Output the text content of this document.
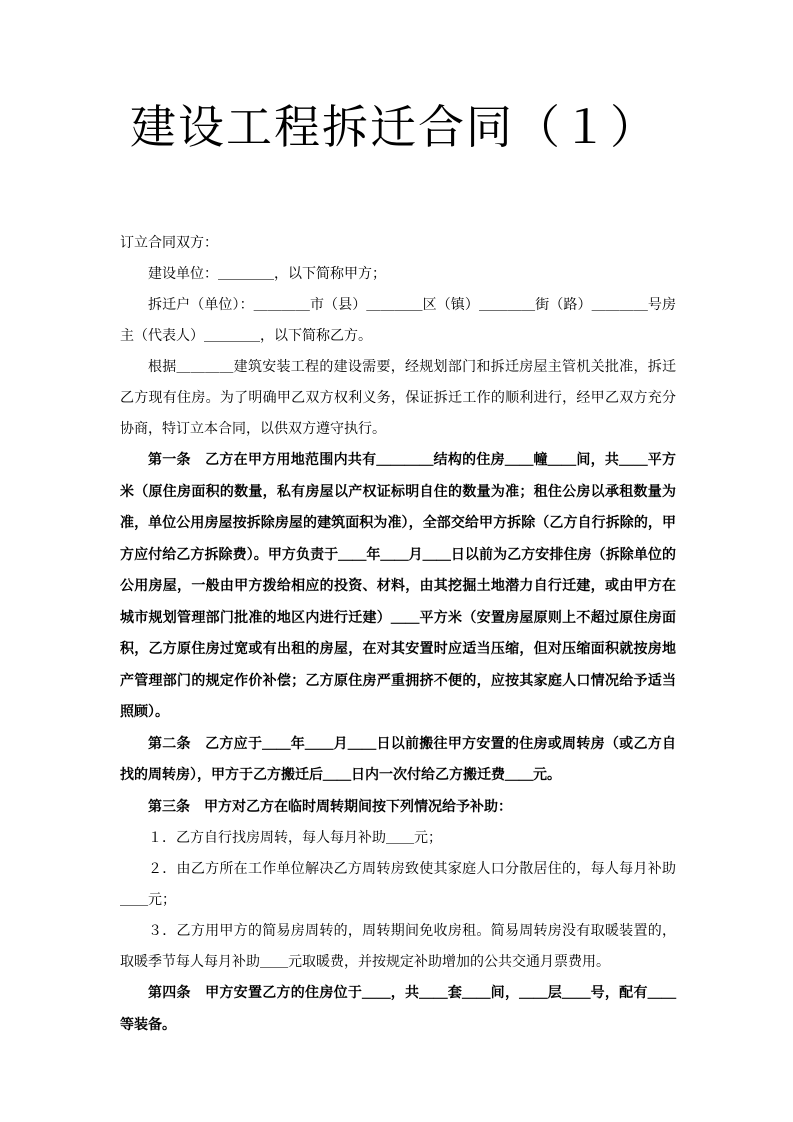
建设工程拆迁合同（１）

订立合同双方：

建设单位：＿＿＿＿，以下简称甲方；

拆迁户（单位）：＿＿＿＿市（县）＿＿＿＿区（镇）＿＿＿＿街（路）＿＿＿＿号房主（代表人）＿＿＿＿，以下简称乙方。

根据＿＿＿＿建筑安装工程的建设需要，经规划部门和拆迁房屋主管机关批准，拆迁乙方现有住房。为了明确甲乙双方权利义务，保证拆迁工作的顺利进行，经甲乙双方充分协商，特订立本合同，以供双方遵守执行。

第一条　乙方在甲方用地范围内共有＿＿＿＿结构的住房＿＿幢＿＿间，共＿＿平方米（原住房面积的数量，私有房屋以产权证标明自住的数量为准；租住公房以承租数量为准，单位公用房屋按拆除房屋的建筑面积为准），全部交给甲方拆除（乙方自行拆除的，甲方应付给乙方拆除费）。甲方负责于＿＿年＿＿月＿＿日以前为乙方安排住房（拆除单位的公用房屋，一般由甲方拨给相应的投资、材料，由其挖掘土地潜力自行迁建，或由甲方在城市规划管理部门批准的地区内进行迁建）＿＿平方米（安置房屋原则上不超过原住房面积，乙方原住房过宽或有出租的房屋，在对其安置时应适当压缩，但对压缩面积就按房地产管理部门的规定作价补偿；乙方原住房严重拥挤不便的，应按其家庭人口情况给予适当照顾）。

第二条　乙方应于＿＿年＿＿月＿＿日以前搬往甲方安置的住房或周转房（或乙方自找的周转房），甲方于乙方搬迁后＿＿日内一次付给乙方搬迁费＿＿元。

第三条　甲方对乙方在临时周转期间按下列情况给予补助：

１．乙方自行找房周转，每人每月补助＿＿元；

２．由乙方所在工作单位解决乙方周转房致使其家庭人口分散居住的，每人每月补助＿＿元；

３．乙方用甲方的简易房周转的，周转期间免收房租。简易周转房没有取暖装置的，取暖季节每人每月补助＿＿元取暖费，并按规定补助增加的公共交通月票费用。

第四条　甲方安置乙方的住房位于＿＿，共＿＿套＿＿间，＿＿层＿＿号，配有＿＿等装备。
